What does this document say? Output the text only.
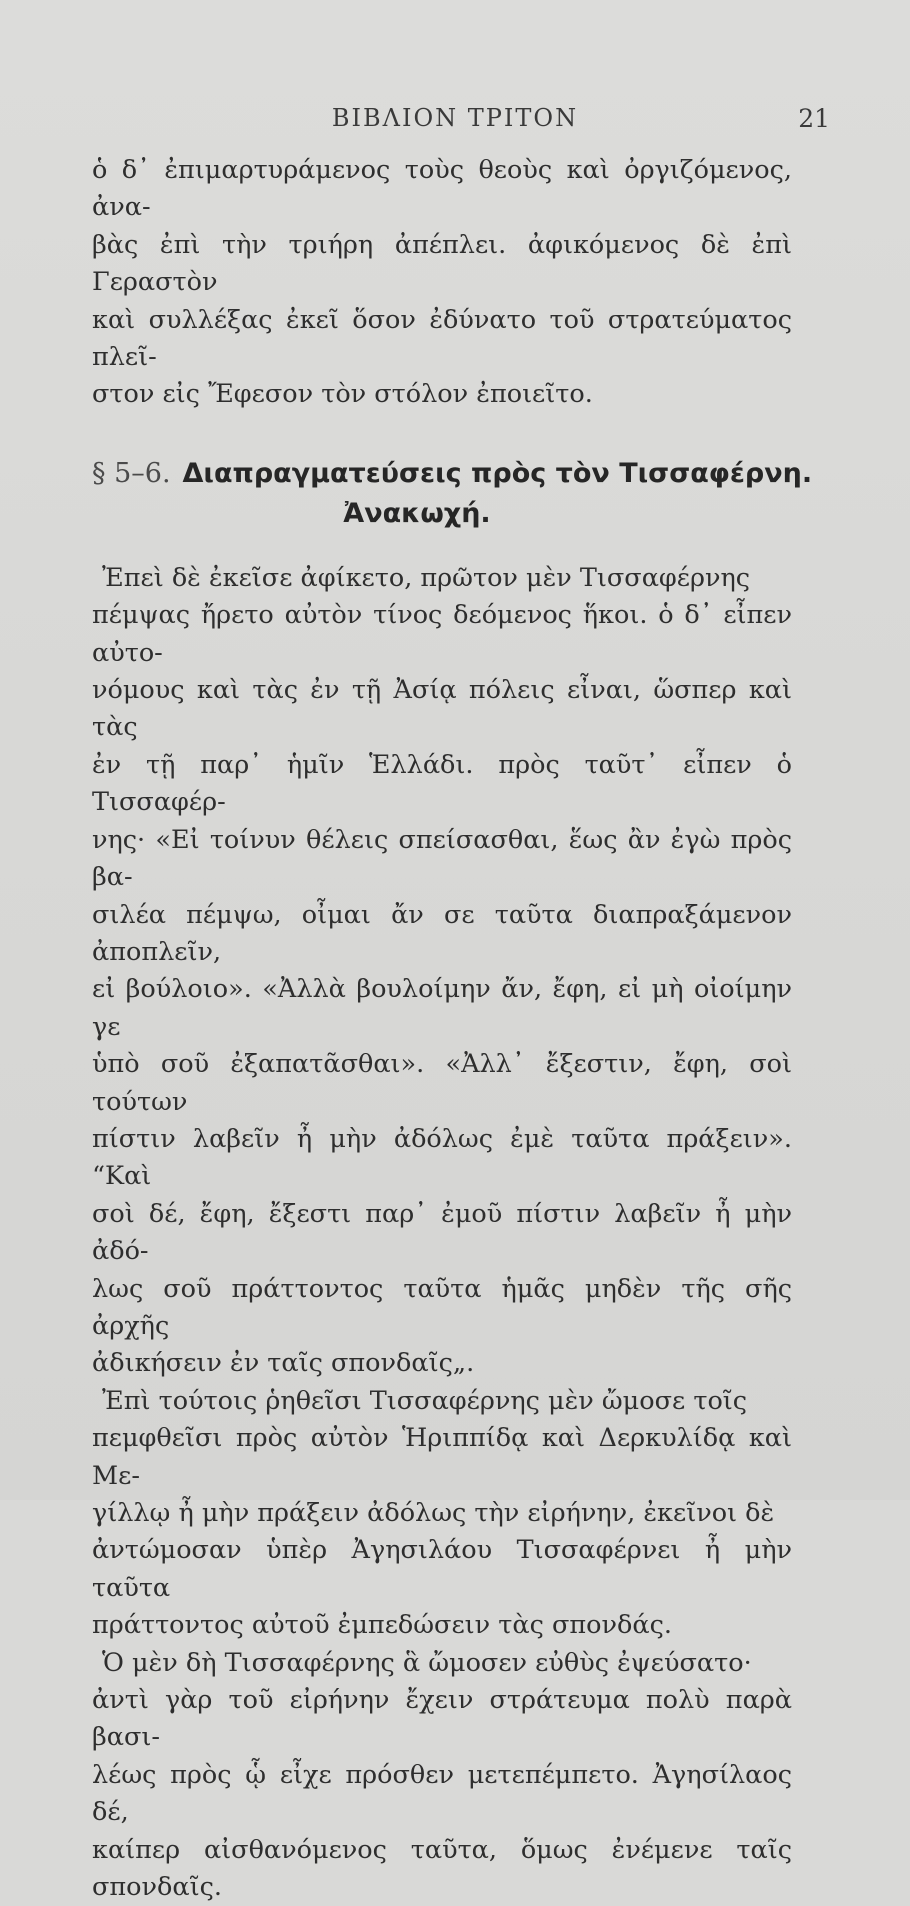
ΒΙΒΛΙΟΝ ΤΡΙΤΟΝ	21

ὁ δ᾽ ἐπιμαρτυράμενος τοὺς θεοὺς καὶ ὀργιζόμενος, ἀνα-
βὰς ἐπὶ τὴν τριήρη ἀπέπλει. ἀφικόμενος δὲ ἐπὶ Γεραστὸν
καὶ συλλέξας ἐκεῖ ὅσον ἐδύνατο τοῦ στρατεύματος πλεῖ-
στον εἰς Ἔφεσον τὸν στόλον ἐποιεῖτο.

§ 5–6. Διαπραγματεύσεις πρὸς τὸν Τισσαφέρνη.
Ἀνακωχή.

Ἐπεὶ δὲ ἐκεῖσε ἀφίκετο, πρῶτον μὲν Τισσαφέρνης
πέμψας ἤρετο αὐτὸν τίνος δεόμενος ἥκοι. ὁ δ᾽ εἶπεν αὐτο-
νόμους καὶ τὰς ἐν τῇ Ἀσίᾳ πόλεις εἶναι, ὥσπερ καὶ τὰς
ἐν τῇ παρ᾽ ἡμῖν Ἑλλάδι. πρὸς ταῦτ᾽ εἶπεν ὁ Τισσαφέρ-
νης· «Εἰ τοίνυν θέλεις σπείσασθαι, ἕως ἂν ἐγὼ πρὸς βα-
σιλέα πέμψω, οἶμαι ἄν σε ταῦτα διαπραξάμενον ἀποπλεῖν,
εἰ βούλοιο». «Ἀλλὰ βουλοίμην ἄν, ἔφη, εἰ μὴ οἰοίμην γε
ὑπὸ σοῦ ἐξαπατᾶσθαι». «Ἀλλ᾽ ἔξεστιν, ἔφη, σοὶ τούτων
πίστιν λαβεῖν ἦ μὴν ἀδόλως ἐμὲ ταῦτα πράξειν». “Καὶ
σοὶ δέ, ἔφη, ἔξεστι παρ᾽ ἐμοῦ πίστιν λαβεῖν ἦ μὴν ἀδό-
λως σοῦ πράττοντος ταῦτα ἡμᾶς μηδὲν τῆς σῆς ἀρχῆς
ἀδικήσειν ἐν ταῖς σπονδαῖς„.

Ἐπὶ τούτοις ῥηθεῖσι Τισσαφέρνης μὲν ὤμοσε τοῖς
πεμφθεῖσι πρὸς αὐτὸν Ἡριππίδᾳ καὶ Δερκυλίδᾳ καὶ Με-
γίλλῳ ἦ μὴν πράξειν ἀδόλως τὴν εἰρήνην, ἐκεῖνοι δὲ
ἀντώμοσαν ὑπὲρ Ἀγησιλάου Τισσαφέρνει ἦ μὴν ταῦτα
πράττοντος αὐτοῦ ἐμπεδώσειν τὰς σπονδάς.

Ὁ μὲν δὴ Τισσαφέρνης ἃ ὤμοσεν εὐθὺς ἐψεύσατο·
ἀντὶ γὰρ τοῦ εἰρήνην ἔχειν στράτευμα πολὺ παρὰ βασι-
λέως πρὸς ᾧ εἶχε πρόσθεν μετεπέμπετο. Ἀγησίλαος δέ,
καίπερ αἰσθανόμενος ταῦτα, ὅμως ἐνέμενε ταῖς σπονδαῖς.
